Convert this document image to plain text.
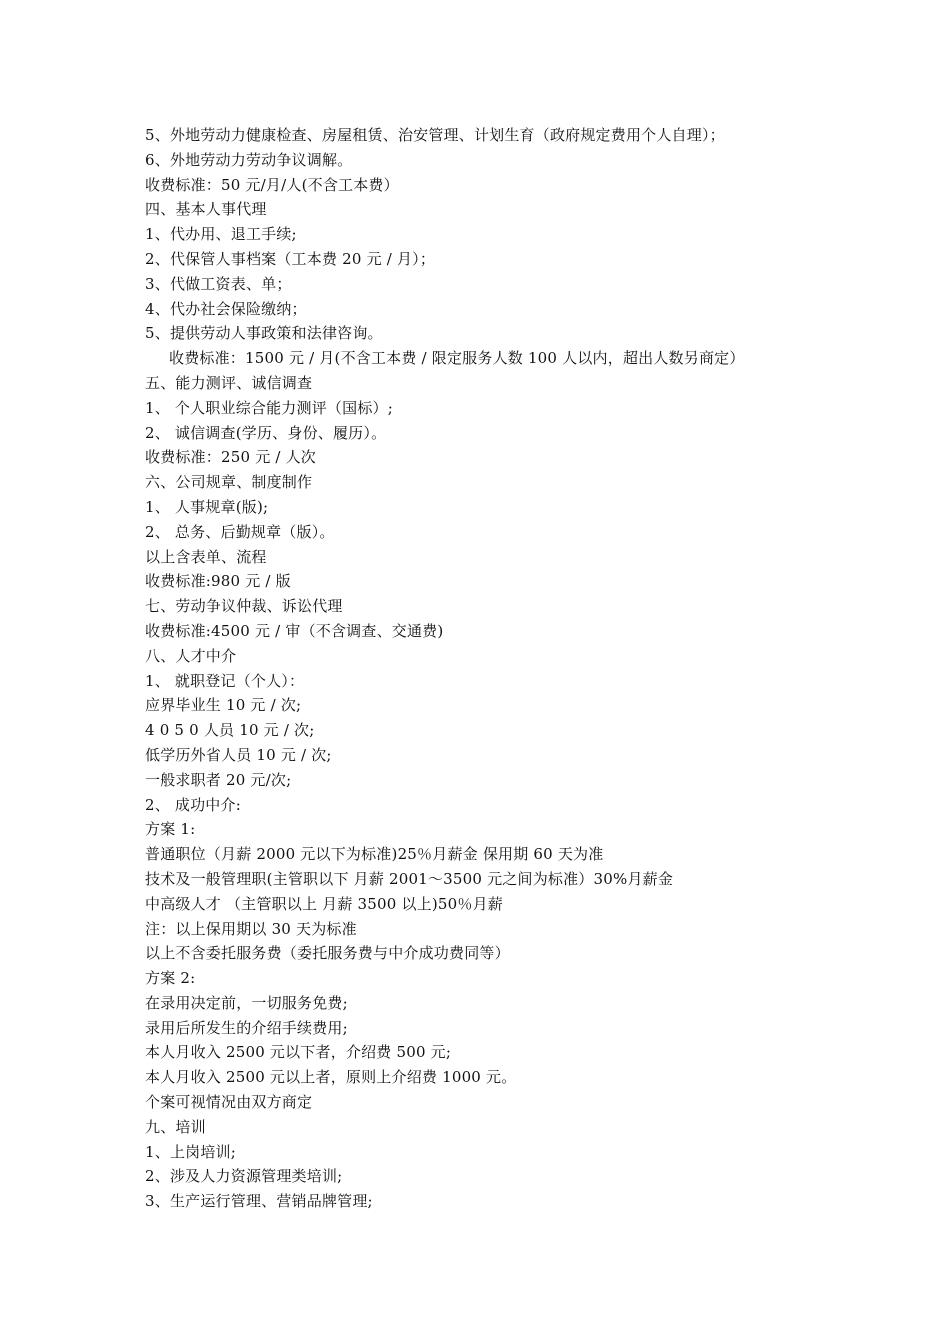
5、外地劳动力健康检查、房屋租赁、治安管理、计划生育（政府规定费用个人自理）；
6、外地劳动力劳动争议调解。
收费标准：50 元/月/人(不含工本费）
四、基本人事代理
1、代办用、退工手续;
2、代保管人事档案（工本费 20 元 / 月）；
3、代做工资表、单；
4、代办社会保险缴纳；
5、提供劳动人事政策和法律咨询。
收费标准：1500 元 / 月(不含工本费 / 限定服务人数 100 人以内，超出人数另商定）
五、能力测评、诚信调查
1、 个人职业综合能力测评（国标）;
2、 诚信调查(学历、身份、履历）。
收费标准：250 元 / 人次
六、公司规章、制度制作
1、 人事规章(版);
2、 总务、后勤规章（版）。
以上含表单、流程
收费标准:980 元 / 版
七、劳动争议仲裁、诉讼代理
收费标准:4500 元 / 审（不含调查、交通费)
八、人才中介
1、 就职登记（个人）：
应界毕业生 10 元 / 次;
4 0 5 0 人员 10 元 / 次;
低学历外省人员 10 元 / 次;
一般求职者 20 元/次;
2、 成功中介:
方案 1:
普通职位（月薪 2000 元以下为标准)25％月薪金 保用期 60 天为准
技术及一般管理职(主管职以下 月薪 2001～3500 元之间为标准）30%月薪金
中高级人才 （主管职以上 月薪 3500 以上)50％月薪
注：以上保用期以 30 天为标准
以上不含委托服务费（委托服务费与中介成功费同等）
方案 2:
在录用决定前，一切服务免费;
录用后所发生的介绍手续费用;
本人月收入 2500 元以下者，介绍费 500 元;
本人月收入 2500 元以上者，原则上介绍费 1000 元。
个案可视情况由双方商定
九、培训
1、上岗培训;
2、涉及人力资源管理类培训;
3、生产运行管理、营销品牌管理;
